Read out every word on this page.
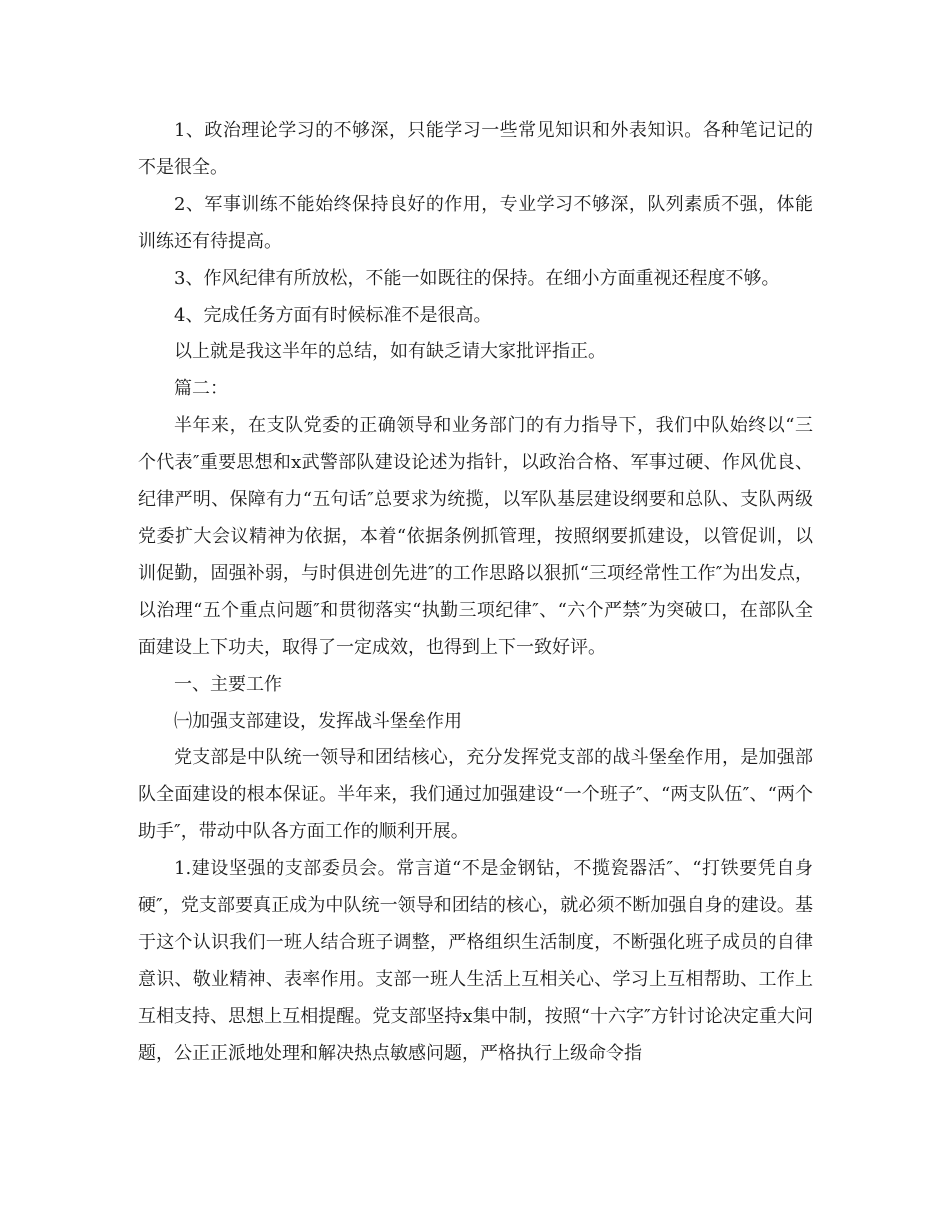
1、政治理论学习的不够深，只能学习一些常见知识和外表知识。各种笔记记的不是很全。

2、军事训练不能始终保持良好的作用，专业学习不够深，队列素质不强，体能训练还有待提高。

3、作风纪律有所放松，不能一如既往的保持。在细小方面重视还程度不够。

4、完成任务方面有时候标准不是很高。

以上就是我这半年的总结，如有缺乏请大家批评指正。

篇二：

半年来，在支队党委的正确领导和业务部门的有力指导下，我们中队始终以“三个代表″重要思想和x武警部队建设论述为指针，以政治合格、军事过硬、作风优良、纪律严明、保障有力“五句话″总要求为统揽，以军队基层建设纲要和总队、支队两级党委扩大会议精神为依据，本着“依据条例抓管理，按照纲要抓建设，以管促训，以训促勤，固强补弱，与时俱进创先进″的工作思路以狠抓“三项经常性工作″为出发点，以治理“五个重点问题″和贯彻落实“执勤三项纪律″、“六个严禁″为突破口，在部队全面建设上下功夫，取得了一定成效，也得到上下一致好评。

一、主要工作

㈠加强支部建设，发挥战斗堡垒作用

党支部是中队统一领导和团结核心，充分发挥党支部的战斗堡垒作用，是加强部队全面建设的根本保证。半年来，我们通过加强建设“一个班子″、“两支队伍″、“两个助手″，带动中队各方面工作的顺利开展。

1.建设坚强的支部委员会。常言道“不是金钢钻，不揽瓷器活″、“打铁要凭自身硬″，党支部要真正成为中队统一领导和团结的核心，就必须不断加强自身的建设。基于这个认识我们一班人结合班子调整，严格组织生活制度，不断强化班子成员的自律意识、敬业精神、表率作用。支部一班人生活上互相关心、学习上互相帮助、工作上互相支持、思想上互相提醒。党支部坚持x集中制，按照“十六字″方针讨论决定重大问题，公正正派地处理和解决热点敏感问题，严格执行上级命令指
